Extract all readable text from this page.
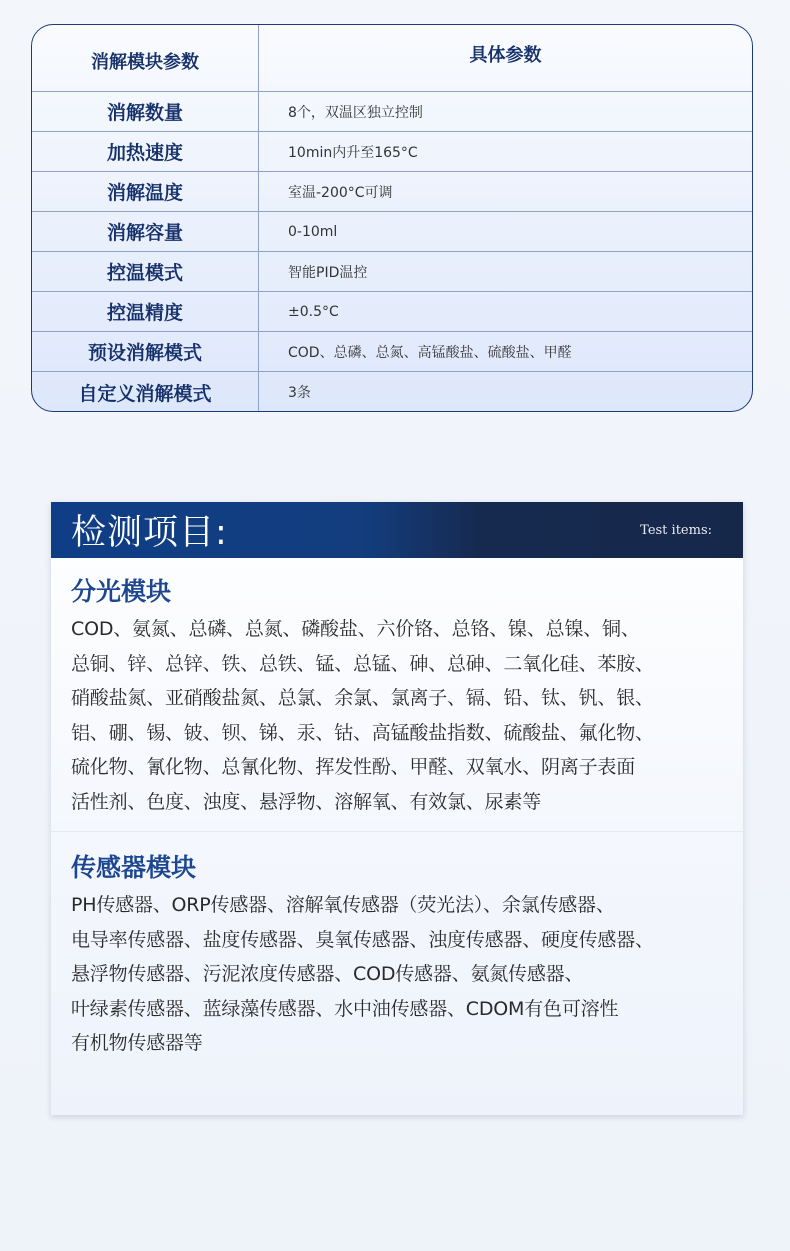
消解模块参数	具体参数
消解数量	8个，双温区独立控制
加热速度	10min内升至165°C
消解温度	室温-200°C可调
消解容量	0-10ml
控温模式	智能PID温控
控温精度	±0.5°C
预设消解模式	COD、总磷、总氮、高锰酸盐、硫酸盐、甲醛
自定义消解模式	3条
检测项目:	Test items:
分光模块

COD、氨氮、总磷、总氮、磷酸盐、六价铬、总铬、镍、总镍、铜、
总铜、锌、总锌、铁、总铁、锰、总锰、砷、总砷、二氧化硅、苯胺、
硝酸盐氮、亚硝酸盐氮、总氯、余氯、氯离子、镉、铅、钛、钒、银、
铝、硼、锡、铍、钡、锑、汞、钴、高锰酸盐指数、硫酸盐、氟化物、
硫化物、氰化物、总氰化物、挥发性酚、甲醛、双氧水、阴离子表面
活性剂、色度、浊度、悬浮物、溶解氧、有效氯、尿素等

传感器模块

PH传感器、ORP传感器、溶解氧传感器（荧光法）、余氯传感器、
电导率传感器、盐度传感器、臭氧传感器、浊度传感器、硬度传感器、
悬浮物传感器、污泥浓度传感器、COD传感器、氨氮传感器、
叶绿素传感器、蓝绿藻传感器、水中油传感器、CDOM有色可溶性
有机物传感器等
